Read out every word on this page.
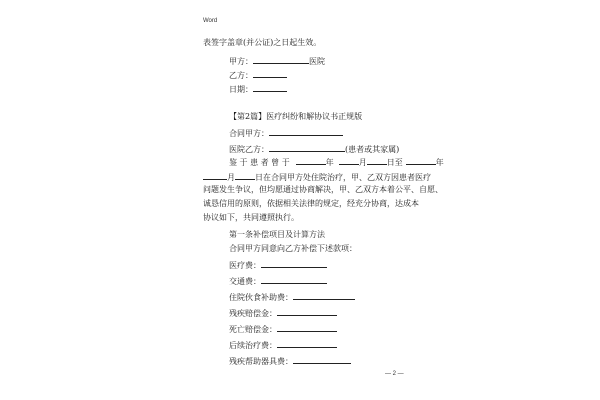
Word
表签字盖章(并公证)之日起生效。
甲方：	医院
乙方：
日期：
【第2篇】医疗纠纷和解协议书正规版
合同甲方：
医院乙方：	(患者或其家属)
鉴 于 患 者 曾 于	年	月	日至	年
月	日在合同甲方处住院治疗，甲、乙双方因患者医疗
问题发生争议，但均愿通过协商解决，甲、乙双方本着公平、自愿、
诚恳信用的原则，依据相关法律的规定，经充分协商，达成本
协议如下，共同遵照执行。
第一条补偿项目及计算方法
合同甲方同意向乙方补偿下述款项：
医疗费：
交通费：
住院伙食补助费：
残疾赔偿金：
死亡赔偿金：
后续治疗费：
残疾帮助器具费：
— 2 —
